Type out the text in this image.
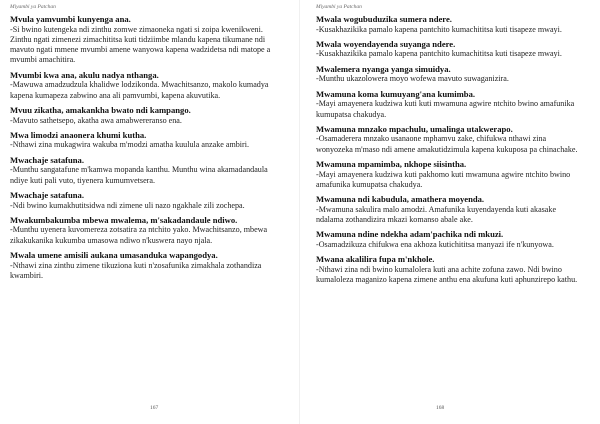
Miyambi ya Patchan
Mvula yamvumbi kunyenga ana.
-Si bwino kutengeka ndi zinthu zomwe zimaoneka ngati si zoipa kwenikweni. Zinthu ngati zimenezi zimachititsa kuti tidziimbe mlandu kapena tikumane ndi mavuto ngati mmene mvumbi amene wanyowa kapena wadzidetsa ndi matope a mvumbi amachitira.
Mvumbi kwa ana, akulu nadya nthanga.
-Mawuwa amadzudzula khalidwe lodzikonda. Mwachitsanzo, makolo kumadya kapena kumapeza zabwino ana ali pamvumbi, kapena akuvutika.
Mvuu zikatha, amakankha bwato ndi kampango.
-Mavuto sathetsepo, akatha awa amabwereranso ena.
Mwa limodzi anaonera khumi kutha.
-Nthawi zina mukagwira wakuba m'modzi amatha kuulula anzake ambiri.
Mwachaje satafuna.
-Munthu sangatafune m'kamwa mopanda kanthu. Munthu wina akamadandaula ndiye kuti pali vuto, tiyenera kumumvetsera.
Mwachaje satafuna.
-Ndi bwino kumakhutitsidwa ndi zimene uli nazo ngakhale zili zochepa.
Mwakumbakumba mbewa mwalema, m'sakadandaule ndiwo.
-Munthu uyenera kuvomereza zotsatira za ntchito yako. Mwachitsanzo, mbewa zikakukanika kukumba umasowa ndiwo n'kuswera nayo njala.
Mwala umene amisili aukana umasanduka wapangodya.
-Nthawi zina zinthu zimene tikuziona kuti n'zosafunika zimakhala zothandiza kwambiri.
167
Miyambi ya Patchan
Mwala wogubuduzika sumera ndere.
-Kusakhazikika pamalo kapena pantchito kumachititsa kuti tisapeze mwayi.
Mwala woyendayenda suyanga ndere.
-Kusakhazikika pamalo kapena pantchito kumachititsa kuti tisapeze mwayi.
Mwalemera nyanga yanga simuidya.
-Munthu ukazolowera moyo wofewa mavuto suwaganizira.
Mwamuna koma kumuyang'ana kumimba.
-Mayi amayenera kudziwa kuti kuti mwamuna agwire ntchito bwino amafunika kumupatsa chakudya.
Mwamuna mnzako mpachulu, umalinga utakwerapo.
-Osamaderera mnzako usanaone mphamvu zake, chifukwa nthawi zina wonyozeka m'maso ndi amene amakutidzimula kapena kukuposa pa chinachake.
Mwamuna mpamimba, nkhope siisintha.
-Mayi amayenera kudziwa kuti pakhomo kuti mwamuna agwire ntchito bwino amafunika kumupatsa chakudya.
Mwamuna ndi kabudula, amathera moyenda.
-Mwamuna sakulira malo amodzi. Amafunika kuyendayenda kuti akasake ndalama zothandizira mkazi komanso abale ake.
Mwamuna ndine ndekha adam'pachika ndi mkuzi.
-Osamadzikuza chifukwa ena akhoza kutichititsa manyazi ife n'kunyowa.
Mwana akalilira fupa m'nkhole.
-Nthawi zina ndi bwino kumalolera kuti ana achite zofuna zawo. Ndi bwino kumaloleza maganizo kapena zimene anthu ena akufuna kuti aphunzirepo kathu.
168
